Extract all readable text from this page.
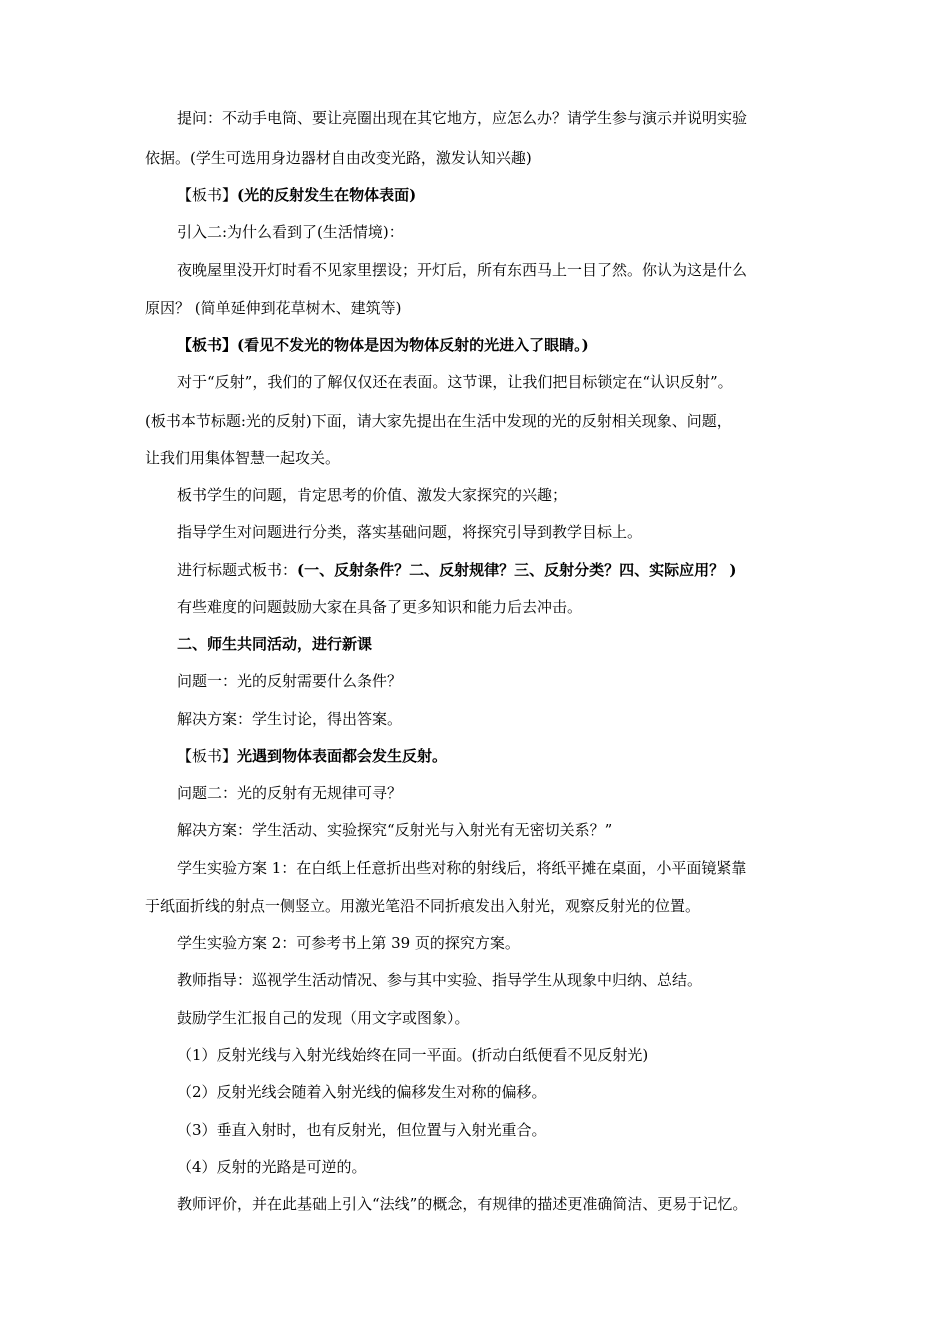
提问：不动手电筒、要让亮圈出现在其它地方，应怎么办？请学生参与演示并说明实验
依据。(学生可选用身边器材自由改变光路，激发认知兴趣)
【板书】(光的反射发生在物体表面)
引入二:为什么看到了(生活情境)：
夜晚屋里没开灯时看不见家里摆设；开灯后，所有东西马上一目了然。你认为这是什么
原因？ (简单延伸到花草树木、建筑等)
【板书】(看见不发光的物体是因为物体反射的光进入了眼睛。)
对于“反射”，我们的了解仅仅还在表面。这节课，让我们把目标锁定在“认识反射”。
(板书本节标题:光的反射)下面，请大家先提出在生活中发现的光的反射相关现象、问题，
让我们用集体智慧一起攻关。
板书学生的问题，肯定思考的价值、激发大家探究的兴趣；
指导学生对问题进行分类，落实基础问题，将探究引导到教学目标上。
进行标题式板书：(一、反射条件？二、反射规律？三、反射分类？四、实际应用？ )
有些难度的问题鼓励大家在具备了更多知识和能力后去冲击。
二、师生共同活动，进行新课
问题一：光的反射需要什么条件？
解决方案：学生讨论，得出答案。
【板书】光遇到物体表面都会发生反射。
问题二：光的反射有无规律可寻？
解决方案：学生活动、实验探究“反射光与入射光有无密切关系？”
学生实验方案 1：在白纸上任意折出些对称的射线后，将纸平摊在桌面，小平面镜紧靠
于纸面折线的射点一侧竖立。用激光笔沿不同折痕发出入射光，观察反射光的位置。
学生实验方案 2：可参考书上第 39 页的探究方案。
教师指导：巡视学生活动情况、参与其中实验、指导学生从现象中归纳、总结。
鼓励学生汇报自己的发现（用文字或图象）。
（1）反射光线与入射光线始终在同一平面。(折动白纸便看不见反射光)
（2）反射光线会随着入射光线的偏移发生对称的偏移。
（3）垂直入射时，也有反射光，但位置与入射光重合。
（4）反射的光路是可逆的。
教师评价，并在此基础上引入“法线”的概念，有规律的描述更准确简洁、更易于记忆。
